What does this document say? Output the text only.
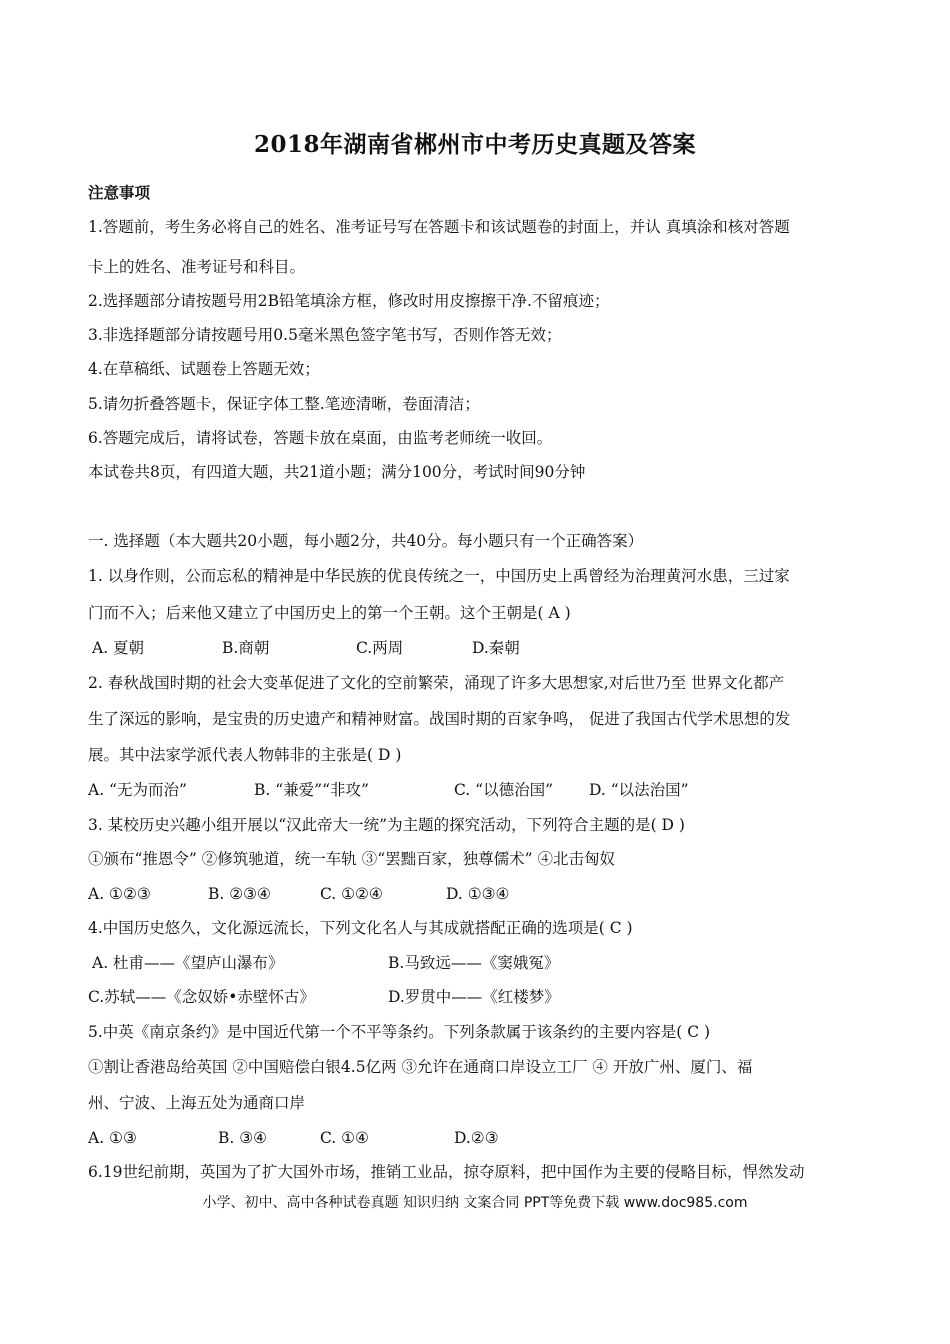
2018年湖南省郴州市中考历史真题及答案
注意事项
1.答题前，考生务必将自己的姓名、准考证号写在答题卡和该试题卷的封面上，并认 真填涂和核对答题
卡上的姓名、准考证号和科目。
2.选择题部分请按题号用2B铅笔填涂方框，修改时用皮擦擦干净.不留痕迹；
3.非选择题部分请按题号用0.5毫米黑色签字笔书写，否则作答无效；
4.在草稿纸、试题卷上答题无效；
5.请勿折叠答题卡，保证字体工整.笔迹清晰，卷面清洁；
6.答题完成后，请将试卷，答题卡放在桌面，由监考老师统一收回。
本试卷共8页，有四道大题，共21道小题；满分100分，考试时间90分钟
一. 选择题（本大题共20小题，每小题2分，共40分。每小题只有一个正确答案）
1. 以身作则，公而忘私的精神是中华民族的优良传统之一，中国历史上禹曾经为治理黄河水患，三过家
门而不入；后来他又建立了中国历史上的第一个王朝。这个王朝是( A )
A. 夏朝	B.商朝	C.两周	D.秦朝
2. 春秋战国时期的社会大变革促进了文化的空前繁荣，涌现了许多大思想家,对后世乃至 世界文化都产
生了深远的影响，是宝贵的历史遗产和精神财富。战国时期的百家争鸣， 促进了我国古代学术思想的发
展。其中法家学派代表人物韩非的主张是( D )
A. “无为而治”	B. “兼爱”“非攻”	C. “以德治国” D. “以法治国”
3. 某校历史兴趣小组开展以“汉此帝大一统”为主题的探究活动，下列符合主题的是( D )
①颁布“推恩令” ②修筑驰道，统一车轨 ③“罢黜百家，独尊儒术” ④北击匈奴
A. ①②③	B. ②③④	C. ①②④	D. ①③④
4.中国历史悠久，文化源远流长，下列文化名人与其成就搭配正确的选项是( C )
A. 杜甫——《望庐山瀑布》	B.马致远——《窦娥冤》
C.苏轼——《念奴娇•赤壁怀古》	D.罗贯中——《红楼梦》
5.中英《南京条约》是中国近代第一个不平等条约。下列条款属于该条约的主要内容是( C )
①割让香港岛给英国 ②中国赔偿白银4.5亿两 ③允许在通商口岸设立工厂 ④ 开放广州、厦门、福
州、宁波、上海五处为通商口岸
A. ①③	B. ③④	C. ①④	D.②③
6.19世纪前期，英国为了扩大国外市场，推销工业品，掠夺原料，把中国作为主要的侵略目标，悍然发动
小学、初中、高中各种试卷真题 知识归纳 文案合同 PPT等免费下载 www.doc985.com
